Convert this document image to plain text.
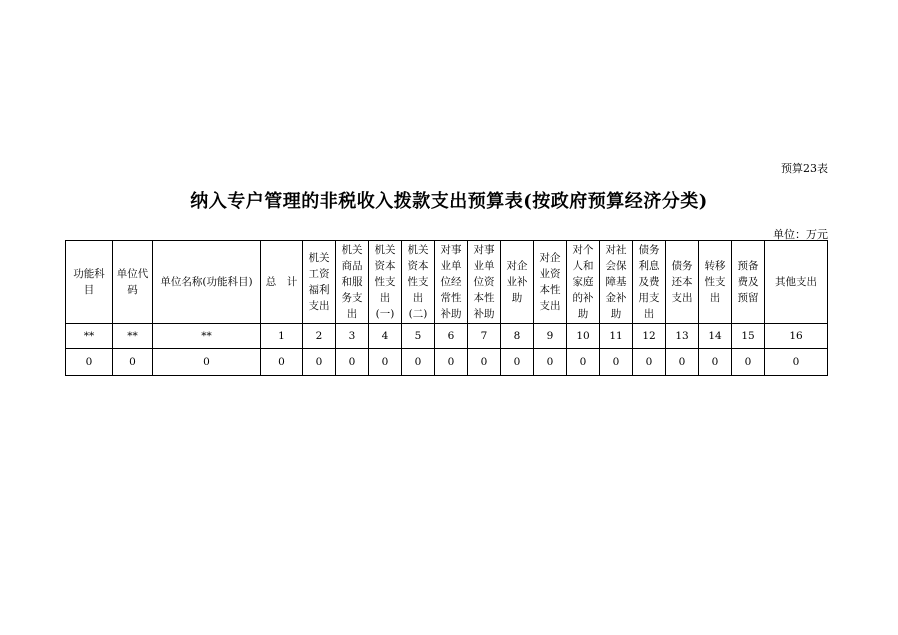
预算23表
纳入专户管理的非税收入拨款支出预算表(按政府预算经济分类)
单位：万元
功能科目	单位代码	单位名称(功能科目)	总　计	机关工资福利支出	机关商品和服务支出	机关资本性支出(一)	机关资本性支出(二)	对事业单位经常性补助	对事业单位资本性补助	对企业补助	对企业资本性支出	对个人和家庭的补助	对社会保障基金补助	债务利息及费用支出	债务还本支出	转移性支出	预备费及预留	其他支出
**	**	**	1	2	3	4	5	6	7	8	9	10	11	12	13	14	15	16
0	0	0	0	0	0	0	0	0	0	0	0	0	0	0	0	0	0	0
